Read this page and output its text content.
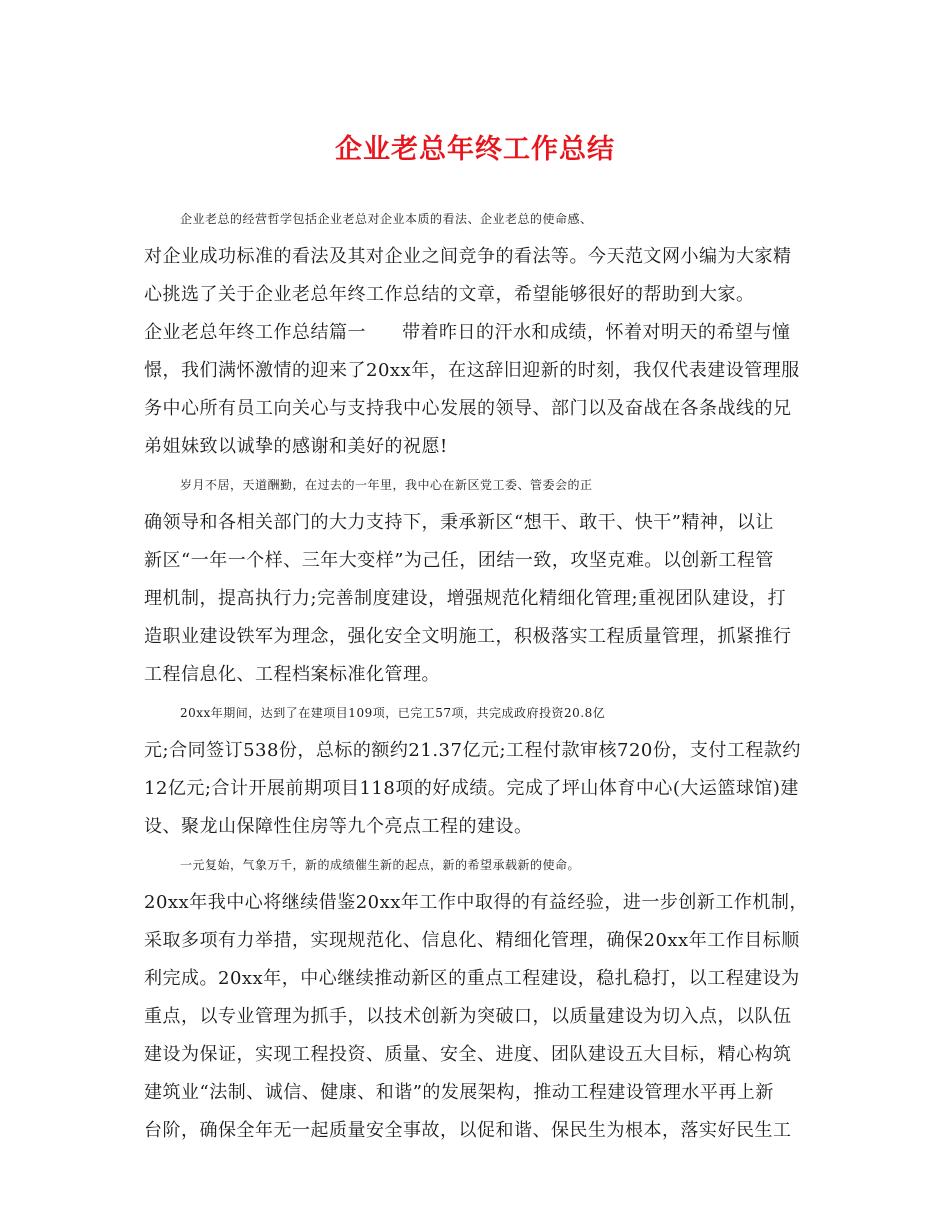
企业老总年终工作总结
企业老总的经营哲学包括企业老总对企业本质的看法、企业老总的使命感、
对企业成功标准的看法及其对企业之间竞争的看法等。今天范文网小编为大家精
心挑选了关于企业老总年终工作总结的文章，希望能够很好的帮助到大家。
企业老总年终工作总结篇一 带着昨日的汗水和成绩，怀着对明天的希望与憧
憬，我们满怀激情的迎来了20xx年，在这辞旧迎新的时刻，我仅代表建设管理服
务中心所有员工向关心与支持我中心发展的领导、部门以及奋战在各条战线的兄
弟姐妹致以诚挚的感谢和美好的祝愿!
岁月不居，天道酬勤，在过去的一年里，我中心在新区党工委、管委会的正
确领导和各相关部门的大力支持下，秉承新区“想干、敢干、快干”精神，以让
新区“一年一个样、三年大变样”为己任，团结一致，攻坚克难。以创新工程管
理机制，提高执行力;完善制度建设，增强规范化精细化管理;重视团队建设，打
造职业建设铁军为理念，强化安全文明施工，积极落实工程质量管理，抓紧推行
工程信息化、工程档案标准化管理。
20xx年期间，达到了在建项目109项，已完工57项，共完成政府投资20.8亿
元;合同签订538份，总标的额约21.37亿元;工程付款审核720份，支付工程款约
12亿元;合计开展前期项目118项的好成绩。完成了坪山体育中心(大运篮球馆)建
设、聚龙山保障性住房等九个亮点工程的建设。
一元复始，气象万千，新的成绩催生新的起点，新的希望承载新的使命。
20xx年我中心将继续借鉴20xx年工作中取得的有益经验，进一步创新工作机制，
采取多项有力举措，实现规范化、信息化、精细化管理，确保20xx年工作目标顺
利完成。20xx年，中心继续推动新区的重点工程建设，稳扎稳打，以工程建设为
重点，以专业管理为抓手，以技术创新为突破口，以质量建设为切入点，以队伍
建设为保证，实现工程投资、质量、安全、进度、团队建设五大目标，精心构筑
建筑业“法制、诚信、健康、和谐”的发展架构，推动工程建设管理水平再上新
台阶，确保全年无一起质量安全事故，以促和谐、保民生为根本，落实好民生工
